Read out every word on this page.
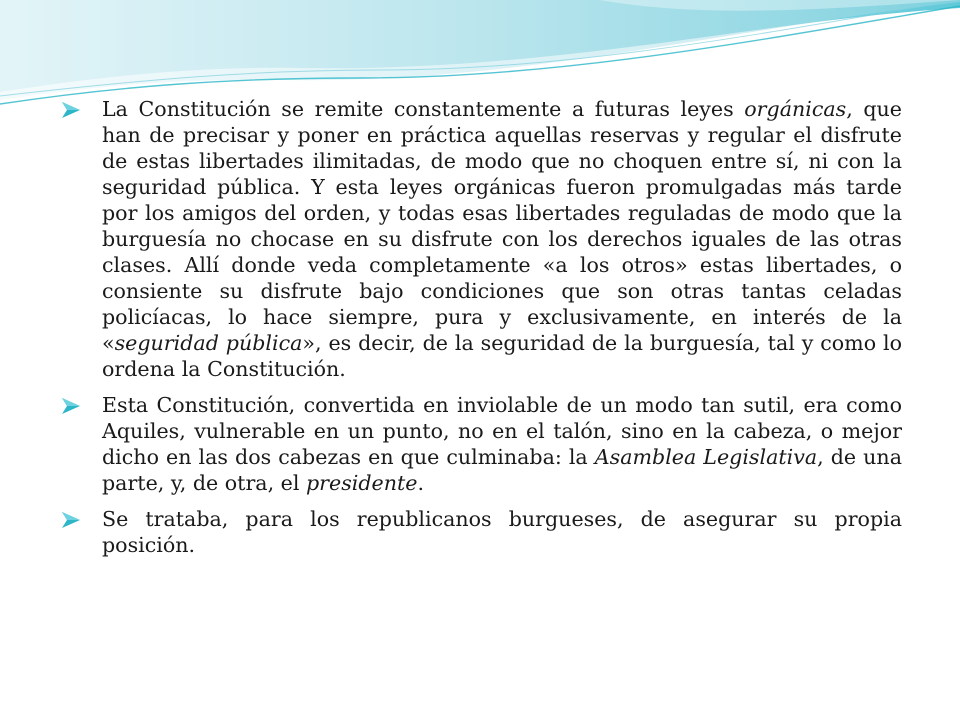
La Constitución se remite constantemente a futuras leyes orgánicas, que han de precisar y poner en práctica aquellas reservas y regular el disfrute de estas libertades ilimitadas, de modo que no choquen entre sí, ni con la seguridad pública. Y esta leyes orgánicas fueron promulgadas más tarde por los amigos del orden, y todas esas libertades reguladas de modo que la burguesía no chocase en su disfrute con los derechos iguales de las otras clases. Allí donde veda completamente «a los otros» estas libertades, o consiente su disfrute bajo condiciones que son otras tantas celadas policíacas, lo hace siempre, pura y exclusivamente, en interés de la «seguridad pública», es decir, de la seguridad de la burguesía, tal y como lo ordena la Constitución.
Esta Constitución, convertida en inviolable de un modo tan sutil, era como Aquiles, vulnerable en un punto, no en el talón, sino en la cabeza, o mejor dicho en las dos cabezas en que culminaba: la Asamblea Legislativa, de una parte, y, de otra, el presidente.
Se trataba, para los republicanos burgueses, de asegurar su propia posición.
